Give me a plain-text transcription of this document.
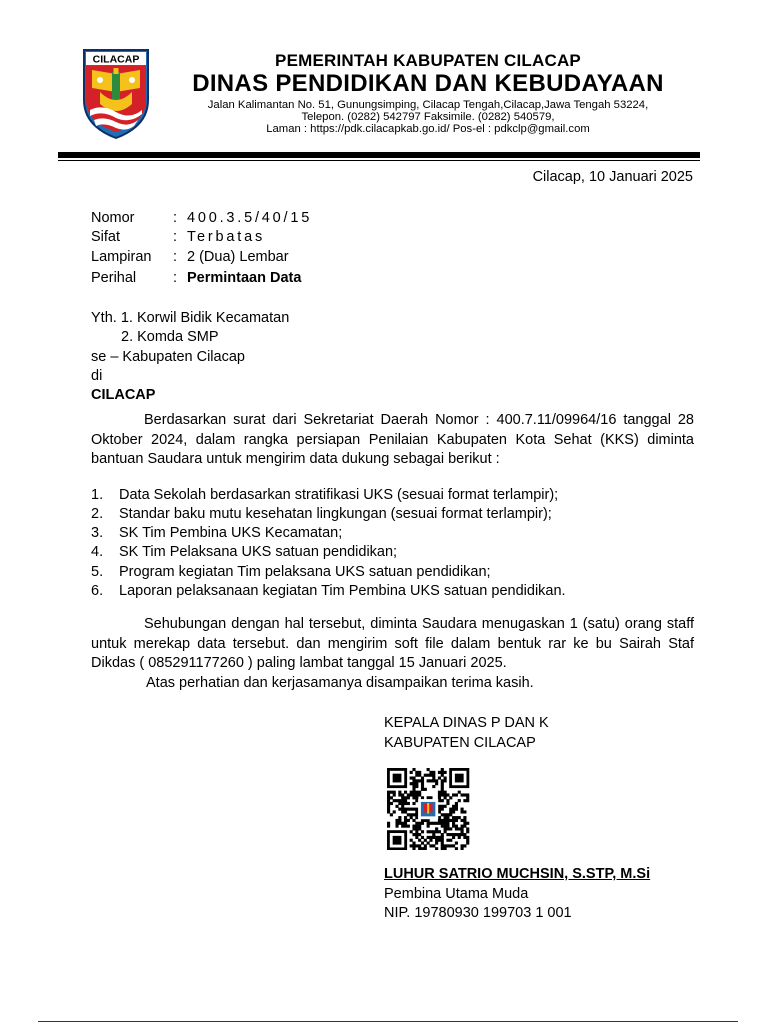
CILACAP	PEMERINTAH KABUPATEN CILACAP
DINAS PENDIDIKAN DAN KEBUDAYAAN
Jalan Kalimantan No. 51, Gunungsimping, Cilacap Tengah,Cilacap,Jawa Tengah 53224,
Telepon. (0282) 542797 Faksimile. (0282) 540579,
Laman : https://pdk.cilacapkab.go.id/ Pos-el : pdkclp@gmail.com
Cilacap, 10 Januari 2025
Nomor	: 400.3.5/40/15
Sifat	: Terbatas
Lampiran : 2 (Dua) Lembar
Perihal	: Permintaan Data
Yth. 1. Korwil Bidik Kecamatan
2. Komda SMP
se – Kabupaten Cilacap
di
CILACAP
Berdasarkan surat dari Sekretariat Daerah Nomor : 400.7.11/09964/16 tanggal 28 Oktober 2024, dalam rangka persiapan Penilaian Kabupaten Kota Sehat (KKS) diminta bantuan Saudara untuk mengirim data dukung sebagai berikut :
1. Data Sekolah berdasarkan stratifikasi UKS (sesuai format terlampir);
2. Standar baku mutu kesehatan lingkungan (sesuai format terlampir);
3. SK Tim Pembina UKS Kecamatan;
4. SK Tim Pelaksana UKS satuan pendidikan;
5. Program kegiatan Tim pelaksana UKS satuan pendidikan;
6. Laporan pelaksanaan kegiatan Tim Pembina UKS satuan pendidikan.
Sehubungan dengan hal tersebut, diminta Saudara menugaskan 1 (satu) orang staff untuk merekap data tersebut. dan mengirim soft file dalam bentuk rar ke bu Sairah Staf Dikdas ( 085291177260 ) paling lambat tanggal 15 Januari 2025.
Atas perhatian dan kerjasamanya disampaikan terima kasih.
KEPALA DINAS P DAN K
KABUPATEN CILACAP
LUHUR SATRIO MUCHSIN, S.STP, M.Si
Pembina Utama Muda
NIP. 19780930 199703 1 001
